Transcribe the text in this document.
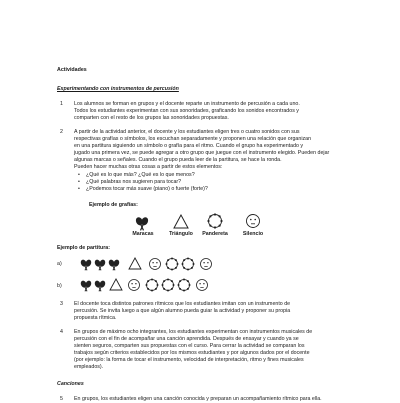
Actividades

Experimentando con instrumentos de percusión

1 Los alumnos se forman en grupos y el docente reparte un instrumento de percusión a cada uno.

Todos los estudiantes experimentan con sus sonoridades, graficando los sonidos encontrados y

comparten con el resto de los grupos las sonoridades propuestas.

2 A partir de la actividad anterior, el docente y los estudiantes eligen tres o cuatro sonidos con sus

respectivas grafías o símbolos, los escuchan separadamente y proponen una relación que organizan

en una partitura siguiendo un símbolo o grafía para el ritmo. Cuando el grupo ha experimentado y

jugado una primera vez, se puede agregar a otro grupo que juegue con el instrumento elegido. Pueden dejar

algunas marcas o señales. Cuando el grupo pueda leer de la partitura, se hace la ronda.

Pueden hacer muchas otras cosas a partir de estos elementos:

• ¿Qué es lo que más? ¿Qué es lo que menos?

• ¿Qué palabras nos sugieren para tocar?

• ¿Podemos tocar más suave (piano) o fuerte (forte)?

Ejemplo de grafías:

Maracas	Triángulo	Pandereta	Silencio

Ejemplo de partitura:

a)
b)
3 El docente toca distintos patrones rítmicos que los estudiantes imitan con un instrumento de

percusión. Se invita luego a que algún alumno pueda guiar la actividad y proponer su propia

propuesta rítmica.

4 En grupos de máximo ocho integrantes, los estudiantes experimentan con instrumentos musicales de

percusión con el fin de acompañar una canción aprendida. Después de ensayar y cuando ya se

sienten seguros, comparten sus propuestas con el curso. Para cerrar la actividad se comparan los

trabajos según criterios establecidos por los mismos estudiantes y por algunos dados por el docente

(por ejemplo: la forma de tocar el instrumento, velocidad de interpretación, ritmo y fines musicales

empleados).

Canciones

5 En grupos, los estudiantes eligen una canción conocida y preparan un acompañamiento rítmico para ella.
